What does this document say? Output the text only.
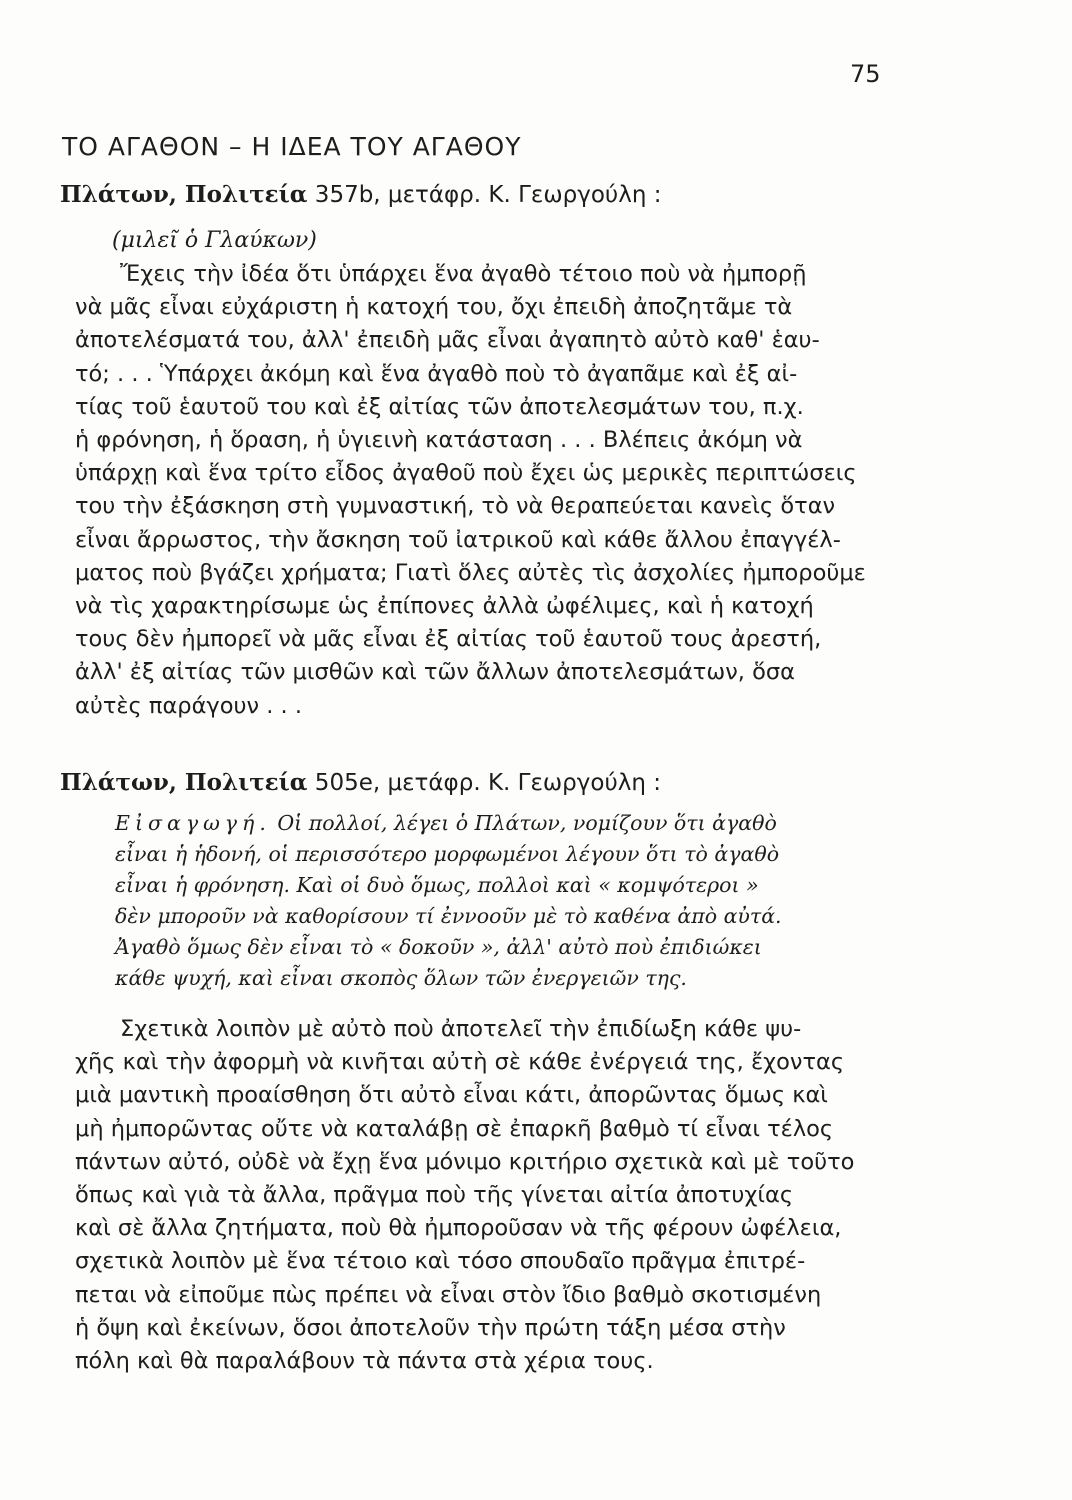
75
ΤΟ ΑΓΑΘΟΝ – Η ΙΔΕΑ ΤΟΥ ΑΓΑΘΟΥ
Πλάτων, Πολιτεία 357b, μετάφρ. Κ. Γεωργούλη :
(μιλεῖ ὁ Γλαύκων)
Ἔχεις τὴν ἰδέα ὅτι ὑπάρχει ἕνα ἀγαθὸ τέτοιο ποὺ νὰ ἠμπορῇ
νὰ μᾶς εἶναι εὐχάριστη ἡ κατοχή του, ὄχι ἐπειδὴ ἀποζητᾶμε τὰ
ἀποτελέσματά του, ἀλλ' ἐπειδὴ μᾶς εἶναι ἀγαπητὸ αὐτὸ καθ' ἑαυ-
τό; . . . Ὑπάρχει ἀκόμη καὶ ἕνα ἀγαθὸ ποὺ τὸ ἀγαπᾶμε καὶ ἐξ αἰ-
τίας τοῦ ἑαυτοῦ του καὶ ἐξ αἰτίας τῶν ἀποτελεσμάτων του, π.χ.
ἡ φρόνηση, ἡ ὅραση, ἡ ὑγιεινὴ κατάσταση . . . Βλέπεις ἀκόμη νὰ
ὑπάρχῃ καὶ ἕνα τρίτο εἶδος ἀγαθοῦ ποὺ ἔχει ὡς μερικὲς περιπτώσεις
του τὴν ἐξάσκηση στὴ γυμναστική, τὸ νὰ θεραπεύεται κανεὶς ὅταν
εἶναι ἄρρωστος, τὴν ἄσκηση τοῦ ἰατρικοῦ καὶ κάθε ἄλλου ἐπαγγέλ-
ματος ποὺ βγάζει χρήματα; Γιατὶ ὅλες αὐτὲς τὶς ἀσχολίες ἠμποροῦμε
νὰ τὶς χαρακτηρίσωμε ὡς ἐπίπονες ἀλλὰ ὠφέλιμες, καὶ ἡ κατοχή
τους δὲν ἠμπορεῖ νὰ μᾶς εἶναι ἐξ αἰτίας τοῦ ἑαυτοῦ τους ἀρεστή,
ἀλλ' ἐξ αἰτίας τῶν μισθῶν καὶ τῶν ἄλλων ἀποτελεσμάτων, ὅσα
αὐτὲς παράγουν . . .
Πλάτων, Πολιτεία 505e, μετάφρ. Κ. Γεωργούλη :
Εἰσαγωγή. Οἱ πολλοί, λέγει ὁ Πλάτων, νομίζουν ὅτι ἀγαθὸ
εἶναι ἡ ἡδονή, οἱ περισσότερο μορφωμένοι λέγουν ὅτι τὸ ἀγαθὸ
εἶναι ἡ φρόνηση. Καὶ οἱ δυὸ ὅμως, πολλοὶ καὶ « κομψότεροι »
δὲν μποροῦν νὰ καθορίσουν τί ἐννοοῦν μὲ τὸ καθένα ἀπὸ αὐτά.
Ἀγαθὸ ὅμως δὲν εἶναι τὸ « δοκοῦν », ἀλλ' αὐτὸ ποὺ ἐπιδιώκει
κάθε ψυχή, καὶ εἶναι σκοπὸς ὅλων τῶν ἐνεργειῶν της.
Σχετικὰ λοιπὸν μὲ αὐτὸ ποὺ ἀποτελεῖ τὴν ἐπιδίωξη κάθε ψυ-
χῆς καὶ τὴν ἀφορμὴ νὰ κινῆται αὐτὴ σὲ κάθε ἐνέργειά της, ἔχοντας
μιὰ μαντικὴ προαίσθηση ὅτι αὐτὸ εἶναι κάτι, ἀπορῶντας ὅμως καὶ
μὴ ἠμπορῶντας οὔτε νὰ καταλάβῃ σὲ ἐπαρκῆ βαθμὸ τί εἶναι τέλος
πάντων αὐτό, οὐδὲ νὰ ἔχῃ ἕνα μόνιμο κριτήριο σχετικὰ καὶ μὲ τοῦτο
ὅπως καὶ γιὰ τὰ ἄλλα, πρᾶγμα ποὺ τῆς γίνεται αἰτία ἀποτυχίας
καὶ σὲ ἄλλα ζητήματα, ποὺ θὰ ἠμποροῦσαν νὰ τῆς φέρουν ὠφέλεια,
σχετικὰ λοιπὸν μὲ ἕνα τέτοιο καὶ τόσο σπουδαῖο πρᾶγμα ἐπιτρέ-
πεται νὰ εἰποῦμε πὼς πρέπει νὰ εἶναι στὸν ἴδιο βαθμὸ σκοτισμένη
ἡ ὄψη καὶ ἐκείνων, ὅσοι ἀποτελοῦν τὴν πρώτη τάξη μέσα στὴν
πόλη καὶ θὰ παραλάβουν τὰ πάντα στὰ χέρια τους.
